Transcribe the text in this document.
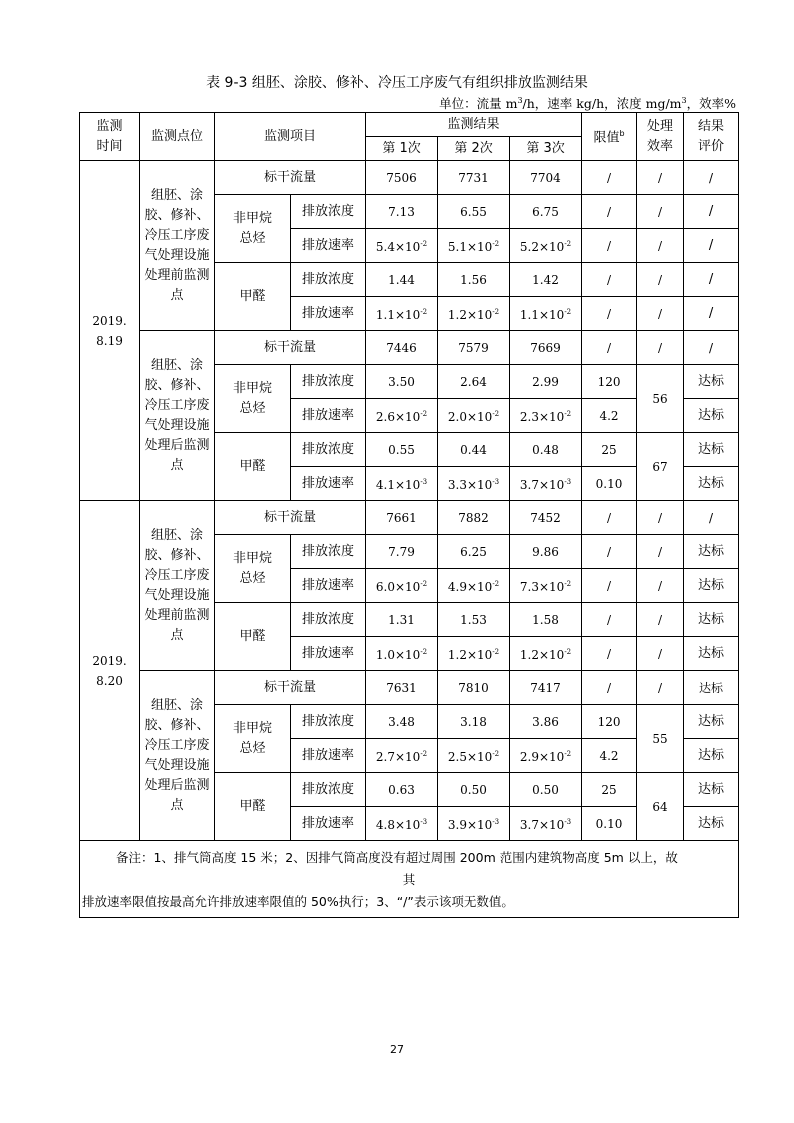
表 9-3 组胚、涂胶、修补、冷压工序废气有组织排放监测结果
单位：流量 $m^3/h$，速率 kg/h，浓度 $mg/m^3$，效率%
监测时间	监测点位	监测项目		监测结果			限值$^b$	处理效率	结果评价
				第 1次	第 2次	第 3次			
2019. 8.19	组胚、涂胶、修补、冷压工序废气处理设施处理前监测点	标干流量		7506	7731	7704	/	/	/
		非甲烷总烃	排放浓度	7.13	6.55	6.75	/	/	/
			排放速率	$5.4\times 10^{-2}$	$5.1\times 10^{-2}$	$5.2\times 10^{-2}$	/	/	/
		甲醛	排放浓度	1.44	1.56	1.42	/	/	/
			排放速率	$1.1\times 10^{-2}$	$1.2\times 10^{-2}$	$1.1\times 10^{-2}$	/	/	/
	组胚、涂胶、修补、冷压工序废气处理设施处理后监测点	标干流量		7446	7579	7669	/	/	/
		非甲烷总烃	排放浓度	3.50	2.64	2.99	120	56	达标
			排放速率	$2.6\times 10^{-2}$	$2.0\times 10^{-2}$	$2.3\times 10^{-2}$	4.2		达标
		甲醛	排放浓度	0.55	0.44	0.48	25	67	达标
			排放速率	$4.1\times 10^{-3}$	$3.3\times 10^{-3}$	$3.7\times 10^{-3}$	0.10		达标
2019. 8.20	组胚、涂胶、修补、冷压工序废气处理设施处理前监测点	标干流量		7661	7882	7452	/	/	/
		非甲烷总烃	排放浓度	7.79	6.25	9.86	/	/	达标
			排放速率	$6.0\times 10^{-2}$	$4.9\times 10^{-2}$	$7.3\times 10^{-2}$	/	/	达标
		甲醛	排放浓度	1.31	1.53	1.58	/	/	达标
			排放速率	$1.0\times 10^{-2}$	$1.2\times 10^{-2}$	$1.2\times 10^{-2}$	/	/	达标
	组胚、涂胶、修补、冷压工序废气处理设施处理后监测点	标干流量		7631	7810	7417	/	/	达标
		非甲烷总烃	排放浓度	3.48	3.18	3.86	120	55	达标
			排放速率	$2.7\times 10^{-2}$	$2.5\times 10^{-2}$	$2.9\times 10^{-2}$	4.2		达标
		甲醛	排放浓度	0.63	0.50	0.50	25	64	达标
			排放速率	$4.8\times 10^{-3}$	$3.9\times 10^{-3}$	$3.7\times 10^{-3}$	0.10		达标

备注：1、排气筒高度 15 米；2、因排气筒高度没有超过周围 200m 范围内建筑物高度 5m 以上，故
其
排放速率限值按最高允许排放速率限值的 50%执行；3、“/”表示该项无数值。									
27
